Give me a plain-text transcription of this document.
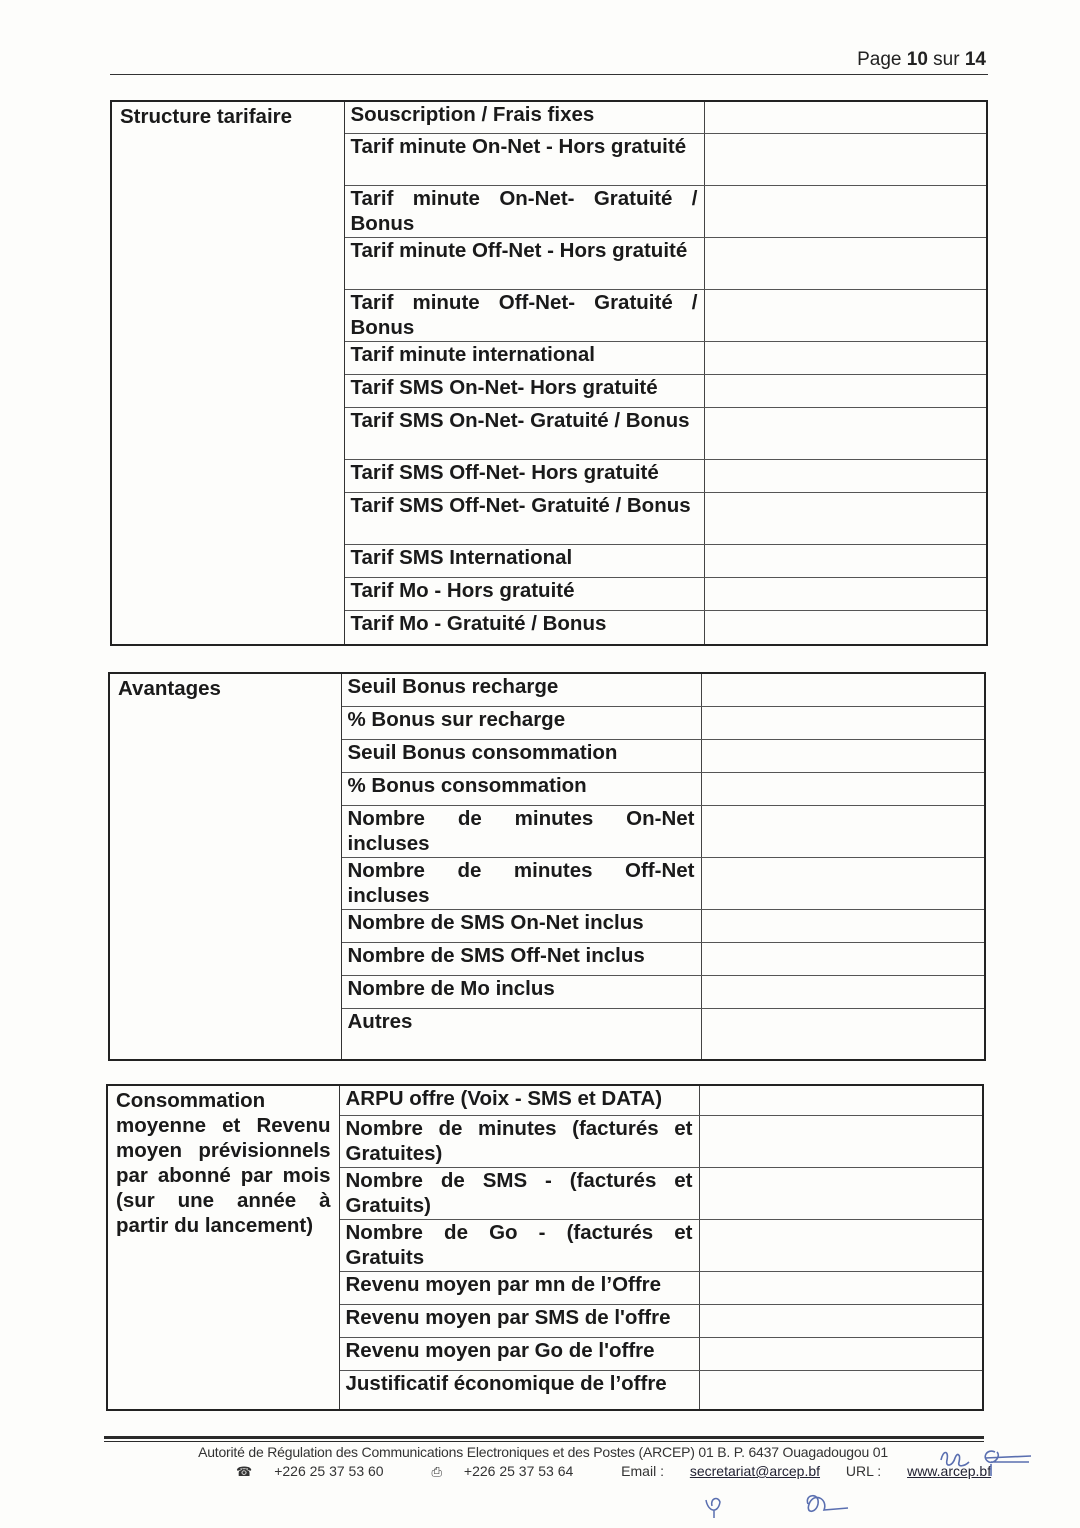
Page 10 sur 14
Structure tarifaire	Souscription / Frais fixes	
	Tarif minute On-Net - Hors gratuité	
	Tarif minute On-Net- Gratuité / Bonus	
	Tarif minute Off-Net - Hors gratuité	
	Tarif minute Off-Net- Gratuité / Bonus	
	Tarif minute international	
	Tarif SMS On-Net- Hors gratuité	
	Tarif SMS On-Net- Gratuité / Bonus	
	Tarif SMS Off-Net- Hors gratuité	
	Tarif SMS Off-Net- Gratuité / Bonus	
	Tarif SMS International	
	Tarif Mo - Hors gratuité	
	Tarif Mo - Gratuité / Bonus	
Avantages	Seuil Bonus recharge	
	% Bonus sur recharge	
	Seuil Bonus consommation	
	% Bonus consommation	
	Nombre de minutes On-Net incluses	
	Nombre de minutes Off-Net incluses	
	Nombre de SMS On-Net inclus	
	Nombre de SMS Off-Net inclus	
	Nombre de Mo inclus	
	Autres	
Consommation moyenne et Revenu moyen prévisionnels par abonné par mois (sur une année à partir du lancement)	ARPU offre (Voix - SMS et DATA)	
	Nombre de minutes (facturés et Gratuites)	
	Nombre de SMS - (facturés et Gratuits)	
	Nombre de Go - (facturés et Gratuits	
	Revenu moyen par mn de l’Offre	
	Revenu moyen par SMS de l'offre	
	Revenu moyen par Go de l'offre	
	Justificatif économique de l’offre	
Autorité de Régulation des Communications Electroniques et des Postes (ARCEP) 01 B. P. 6437 Ouagadougou 01
☎ +226 25 37 53 60	⎙ +226 25 37 53 64	Email : secretariat@arcep.bf URL : www.arcep.bf
